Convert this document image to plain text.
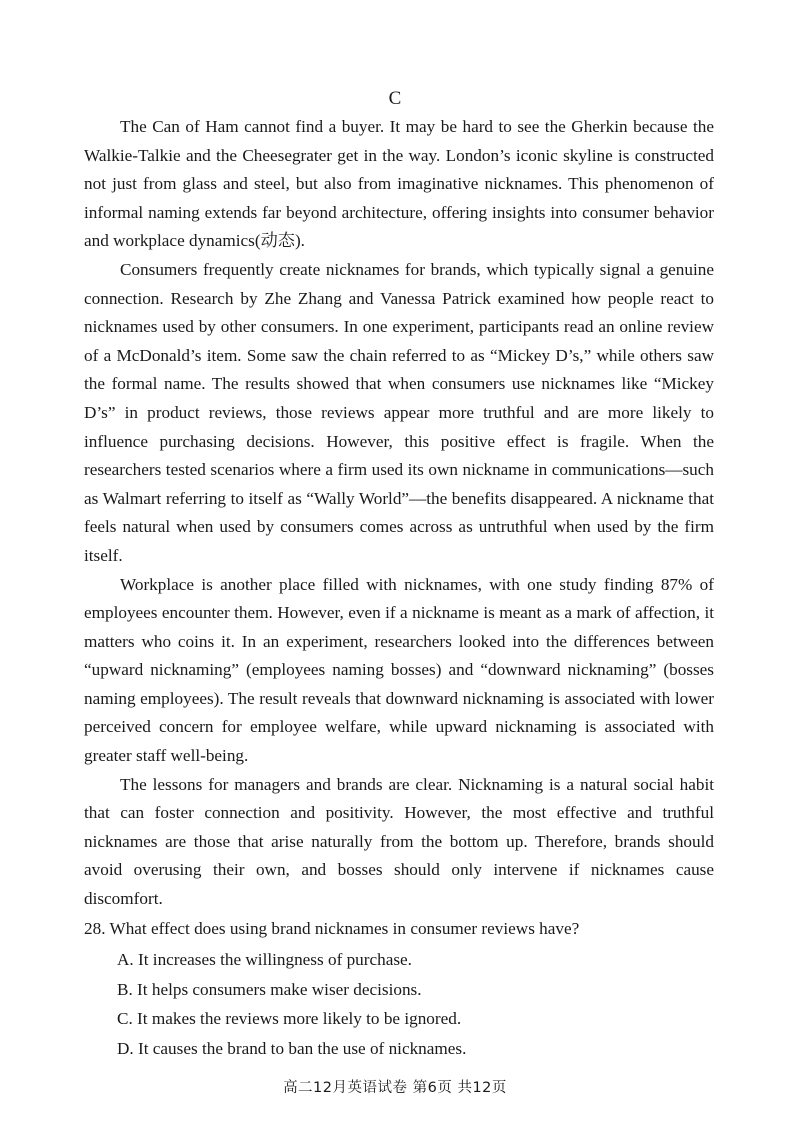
C

The Can of Ham cannot find a buyer. It may be hard to see the Gherkin because the Walkie-Talkie and the Cheesegrater get in the way. London’s iconic skyline is constructed not just from glass and steel, but also from imaginative nicknames. This phenomenon of informal naming extends far beyond architecture, offering insights into consumer behavior and workplace dynamics(动态).

Consumers frequently create nicknames for brands, which typically signal a genuine connection. Research by Zhe Zhang and Vanessa Patrick examined how people react to nicknames used by other consumers. In one experiment, participants read an online review of a McDonald’s item. Some saw the chain referred to as “Mickey D’s,” while others saw the formal name. The results showed that when consumers use nicknames like “Mickey D’s” in product reviews, those reviews appear more truthful and are more likely to influence purchasing decisions. However, this positive effect is fragile. When the researchers tested scenarios where a firm used its own nickname in communications—such as Walmart referring to itself as “Wally World”—the benefits disappeared. A nickname that feels natural when used by consumers comes across as untruthful when used by the firm itself.

Workplace is another place filled with nicknames, with one study finding 87% of employees encounter them. However, even if a nickname is meant as a mark of affection, it matters who coins it. In an experiment, researchers looked into the differences between “upward nicknaming” (employees naming bosses) and “downward nicknaming” (bosses naming employees). The result reveals that downward nicknaming is associated with lower perceived concern for employee welfare, while upward nicknaming is associated with greater staff well-being.

The lessons for managers and brands are clear. Nicknaming is a natural social habit that can foster connection and positivity. However, the most effective and truthful nicknames are those that arise naturally from the bottom up. Therefore, brands should avoid overusing their own, and bosses should only intervene if nicknames cause discomfort.

28. What effect does using brand nicknames in consumer reviews have?

A. It increases the willingness of purchase.
B. It helps consumers make wiser decisions.
C. It makes the reviews more likely to be ignored.
D. It causes the brand to ban the use of nicknames.
高二12月英语试卷 第6页 共12页
